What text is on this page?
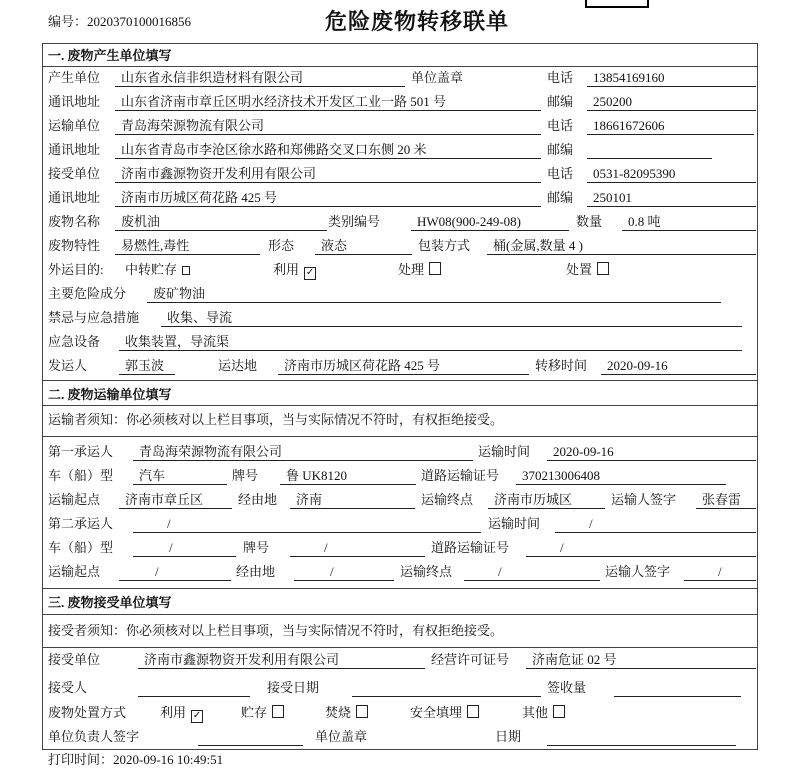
编号：2020370100016856	危险废物转移联单
一. 废物产生单位填写
产生单位	山东省永信非织造材料有限公司	单位盖章	电话	13854169160
通讯地址	山东省济南市章丘区明水经济技术开发区工业一路 501 号	邮编	250200
运输单位	青岛海荣源物流有限公司	电话	18661672606
通讯地址	山东省青岛市李沧区徐水路和郑佛路交叉口东侧 20 米	邮编
接受单位	济南市鑫源物资开发利用有限公司	电话	0531-82095390
通讯地址	济南市历城区荷花路 425 号	邮编	250101
废物名称	废机油	类别编号	HW08(900-249-08)	数量	0.8 吨
废物特性	易燃性,毒性	形态	液态	包装方式	桶(金属,数量 4 )
外运目的: 中转贮存	利用 ✓	处理	处置
主要危险成分	废矿物油
禁忌与应急措施	收集、导流
应急设备	收集装置，导流渠
发运人	郭玉波	运达地	济南市历城区荷花路 425 号	转移时间	2020-09-16
二. 废物运输单位填写
运输者须知：你必须核对以上栏目事项，当与实际情况不符时，有权拒绝接受。
第一承运人	青岛海荣源物流有限公司	运输时间	2020-09-16
车（船）型	汽车	牌号	鲁 UK8120	道路运输证号	370213006408
运输起点	济南市章丘区	经由地	济南	运输终点	济南市历城区	运输人签字	张春雷
第二承运人	/	运输时间	/
车（船）型	/	牌号	/	道路运输证号	/
运输起点	/	经由地	/	运输终点	/	运输人签字	/
三. 废物接受单位填写
接受者须知：你必须核对以上栏目事项，当与实际情况不符时，有权拒绝接受。
接受单位	济南市鑫源物资开发利用有限公司	经营许可证号	济南危证 02 号
接受人	接受日期	签收量
废物处置方式	利用 ✓	贮存	焚烧	安全填埋	其他
单位负责人签字	单位盖章	日期
打印时间：2020-09-16 10:49:51
